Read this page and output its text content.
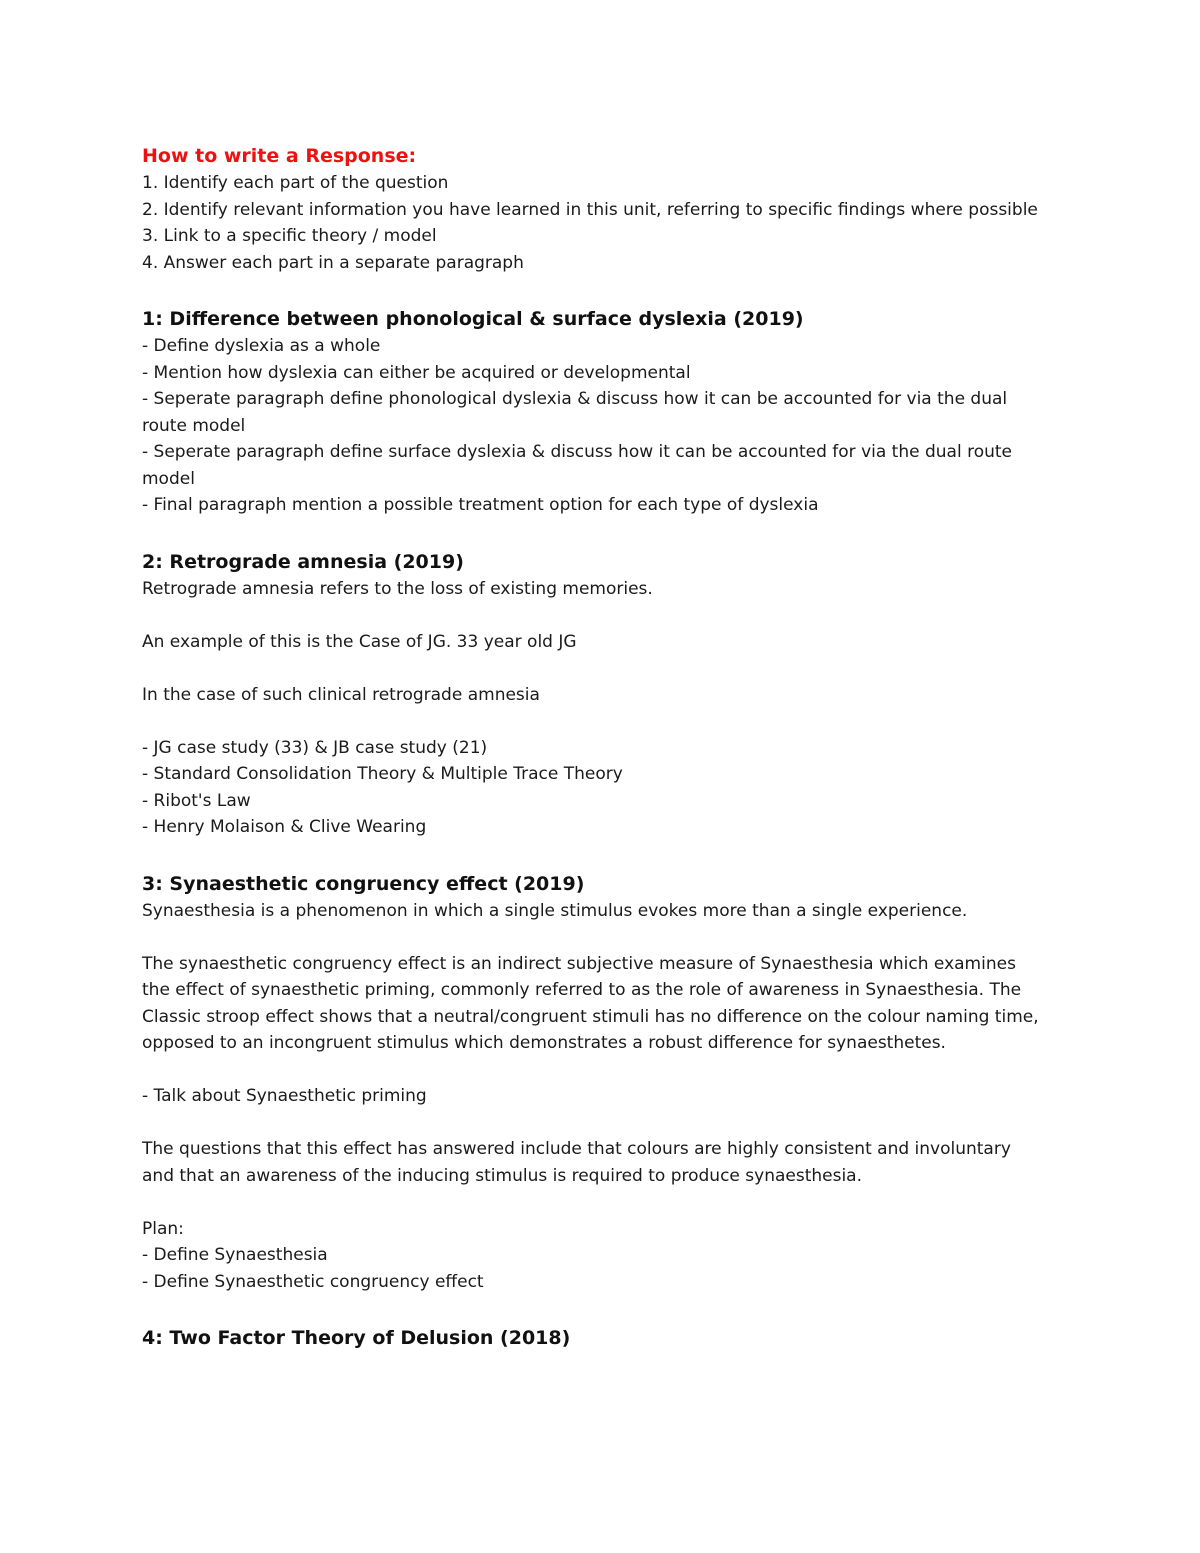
How to write a Response:

1. Identify each part of the question

2. Identify relevant information you have learned in this unit, referring to specific findings where possible

3. Link to a specific theory / model

4. Answer each part in a separate paragraph

1: Difference between phonological & surface dyslexia (2019)

- Define dyslexia as a whole

- Mention how dyslexia can either be acquired or developmental

- Seperate paragraph define phonological dyslexia & discuss how it can be accounted for via the dual route model

- Seperate paragraph define surface dyslexia & discuss how it can be accounted for via the dual route model

- Final paragraph mention a possible treatment option for each type of dyslexia

2: Retrograde amnesia (2019)

Retrograde amnesia refers to the loss of existing memories.

An example of this is the Case of JG. 33 year old JG

In the case of such clinical retrograde amnesia

- JG case study (33) & JB case study (21)

- Standard Consolidation Theory & Multiple Trace Theory

- Ribot's Law

- Henry Molaison & Clive Wearing

3: Synaesthetic congruency effect (2019)

Synaesthesia is a phenomenon in which a single stimulus evokes more than a single experience.

The synaesthetic congruency effect is an indirect subjective measure of Synaesthesia which examines the effect of synaesthetic priming, commonly referred to as the role of awareness in Synaesthesia. The Classic stroop effect shows that a neutral/congruent stimuli has no difference on the colour naming time, opposed to an incongruent stimulus which demonstrates a robust difference for synaesthetes.

- Talk about Synaesthetic priming

The questions that this effect has answered include that colours are highly consistent and involuntary and that an awareness of the inducing stimulus is required to produce synaesthesia.

Plan:

- Define Synaesthesia

- Define Synaesthetic congruency effect

4: Two Factor Theory of Delusion (2018)
